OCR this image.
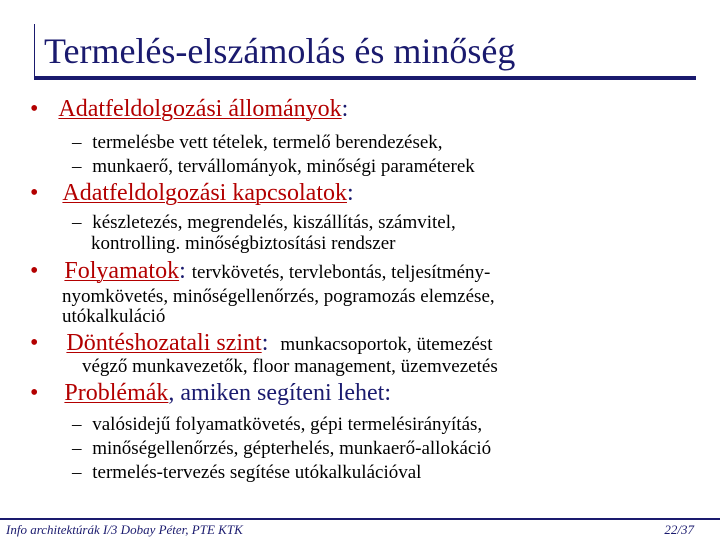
Termelés-elszámolás és minőség
• Adatfeldolgozási állományok:
– termelésbe vett tételek, termelő berendezések,
– munkaerő, tervállományok, minőségi paraméterek
• Adatfeldolgozási kapcsolatok:
– készletezés, megrendelés, kiszállítás, számvitel,
kontrolling. minőségbiztosítási rendszer
• Folyamatok: tervkövetés, tervlebontás, teljesítmény-
nyomkövetés, minőségellenőrzés, pogramozás elemzése,
utókalkuláció
• Döntéshozatali szint:  munkacsoportok, ütemezést
végző munkavezetők, floor management, üzemvezetés
• Problémák, amiken segíteni lehet:
– valósidejű folyamatkövetés, gépi termelésirányítás,
– minőségellenőrzés, gépterhelés, munkaerő-allokáció
– termelés-tervezés segítése utókalkulációval
Info architektúrák I/3 Dobay Péter, PTE KTK	22/37
